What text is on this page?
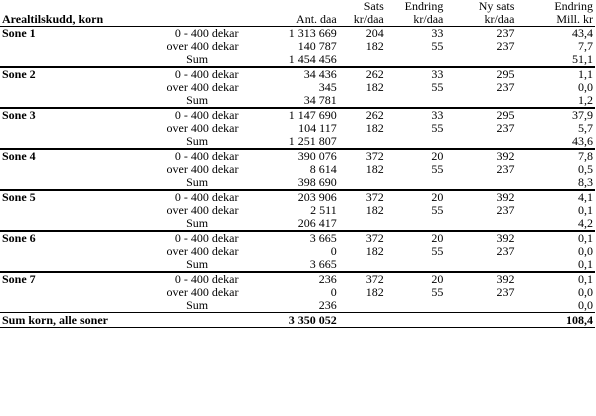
			Sats	Endring	Ny sats	Endring
Arealtilskudd, korn		Ant. daa	kr/daa	kr/daa	kr/daa	Mill. kr
Sone 1	0 - 400 dekar	1 313 669	204	33	237	43,4
	over 400 dekar	140 787	182	55	237	7,7
	Sum	1 454 456				51,1
Sone 2	0 - 400 dekar	34 436	262	33	295	1,1
	over 400 dekar	345	182	55	237	0,0
	Sum	34 781				1,2
Sone 3	0 - 400 dekar	1 147 690	262	33	295	37,9
	over 400 dekar	104 117	182	55	237	5,7
	Sum	1 251 807				43,6
Sone 4	0 - 400 dekar	390 076	372	20	392	7,8
	over 400 dekar	8 614	182	55	237	0,5
	Sum	398 690				8,3
Sone 5	0 - 400 dekar	203 906	372	20	392	4,1
	over 400 dekar	2 511	182	55	237	0,1
	Sum	206 417				4,2
Sone 6	0 - 400 dekar	3 665	372	20	392	0,1
	over 400 dekar	0	182	55	237	0,0
	Sum	3 665				0,1
Sone 7	0 - 400 dekar	236	372	20	392	0,1
	over 400 dekar	0	182	55	237	0,0
	Sum	236				0,0
Sum korn, alle soner		3 350 052				108,4
